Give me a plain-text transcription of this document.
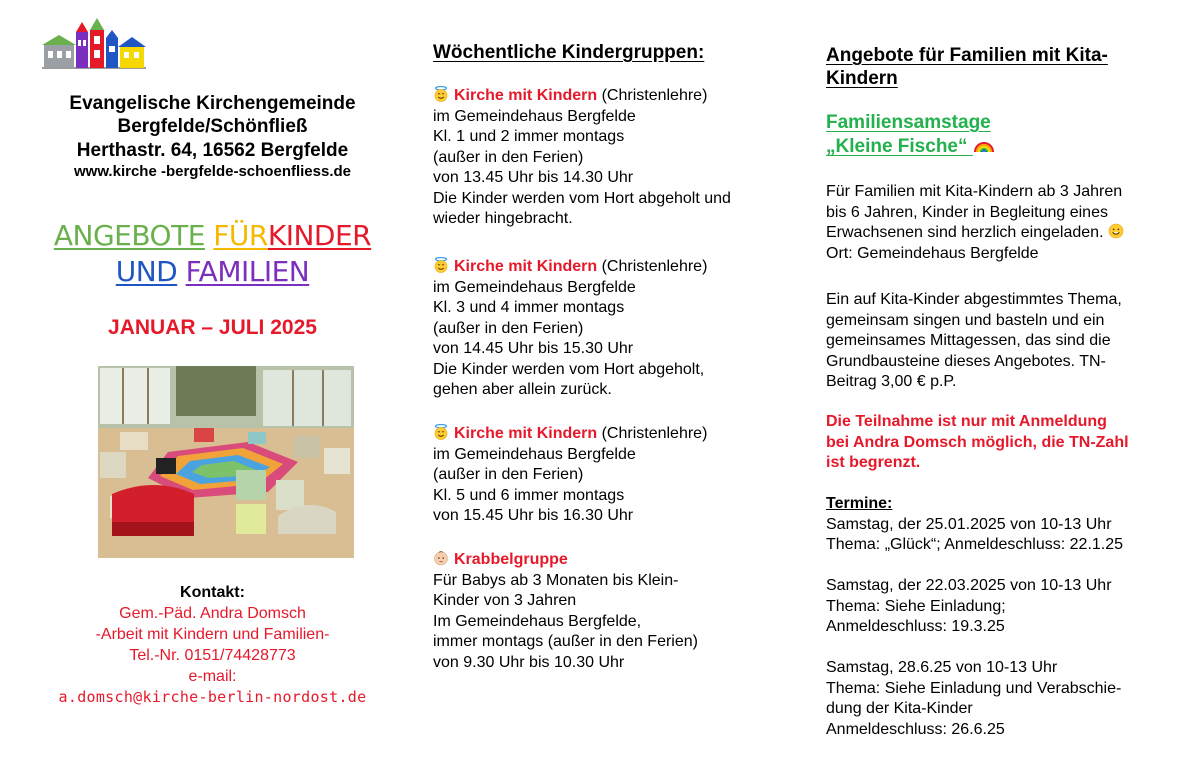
Evangelische Kirchengemeinde
Bergfelde/Schönfließ
Herthastr. 64, 16562 Bergfelde
www.kirche -bergfelde-schoenfliess.de
ANGEBOTE FÜRKINDER
UND FAMILIEN
JANUAR – JULI 2025
Kontakt:
Gem.-Päd. Andra Domsch
-Arbeit mit Kindern und Familien-
Tel.-Nr. 0151/74428773
e-mail:
a.domsch@kirche-berlin-nordost.de
Wöchentliche Kindergruppen:
Kirche mit Kindern (Christenlehre)
im Gemeindehaus Bergfelde
Kl. 1 und 2 immer montags
(außer in den Ferien)
von 13.45 Uhr bis 14.30 Uhr
Die Kinder werden vom Hort abgeholt und
wieder hingebracht.
Kirche mit Kindern (Christenlehre)
im Gemeindehaus Bergfelde
Kl. 3 und 4 immer montags
(außer in den Ferien)
von 14.45 Uhr bis 15.30 Uhr
Die Kinder werden vom Hort abgeholt,
gehen aber allein zurück.
Kirche mit Kindern (Christenlehre)
im Gemeindehaus Bergfelde
(außer in den Ferien)
Kl. 5 und 6 immer montags
von 15.45 Uhr bis 16.30 Uhr
Krabbelgruppe
Für Babys ab 3 Monaten bis Klein-
Kinder von 3 Jahren
Im Gemeindehaus Bergfelde,
immer montags (außer in den Ferien)
von 9.30 Uhr bis 10.30 Uhr
Angebote für Familien mit Kita-
Kindern
Familiensamstage
„Kleine Fische“
Für Familien mit Kita-Kindern ab 3 Jahren
bis 6 Jahren, Kinder in Begleitung eines
Erwachsenen sind herzlich eingeladen.
Ort: Gemeindehaus Bergfelde
Ein auf Kita-Kinder abgestimmtes Thema,
gemeinsam singen und basteln und ein
gemeinsames Mittagessen, das sind die
Grundbausteine dieses Angebotes. TN-
Beitrag 3,00 € p.P.
Die Teilnahme ist nur mit Anmeldung
bei Andra Domsch möglich, die TN-Zahl
ist begrenzt.
Termine:
Samstag, der 25.01.2025 von 10-13 Uhr
Thema: „Glück“; Anmeldeschluss: 22.1.25
Samstag, der 22.03.2025 von 10-13 Uhr
Thema: Siehe Einladung;
Anmeldeschluss: 19.3.25
Samstag, 28.6.25 von 10-13 Uhr
Thema: Siehe Einladung und Verabschie-
dung der Kita-Kinder
Anmeldeschluss: 26.6.25
